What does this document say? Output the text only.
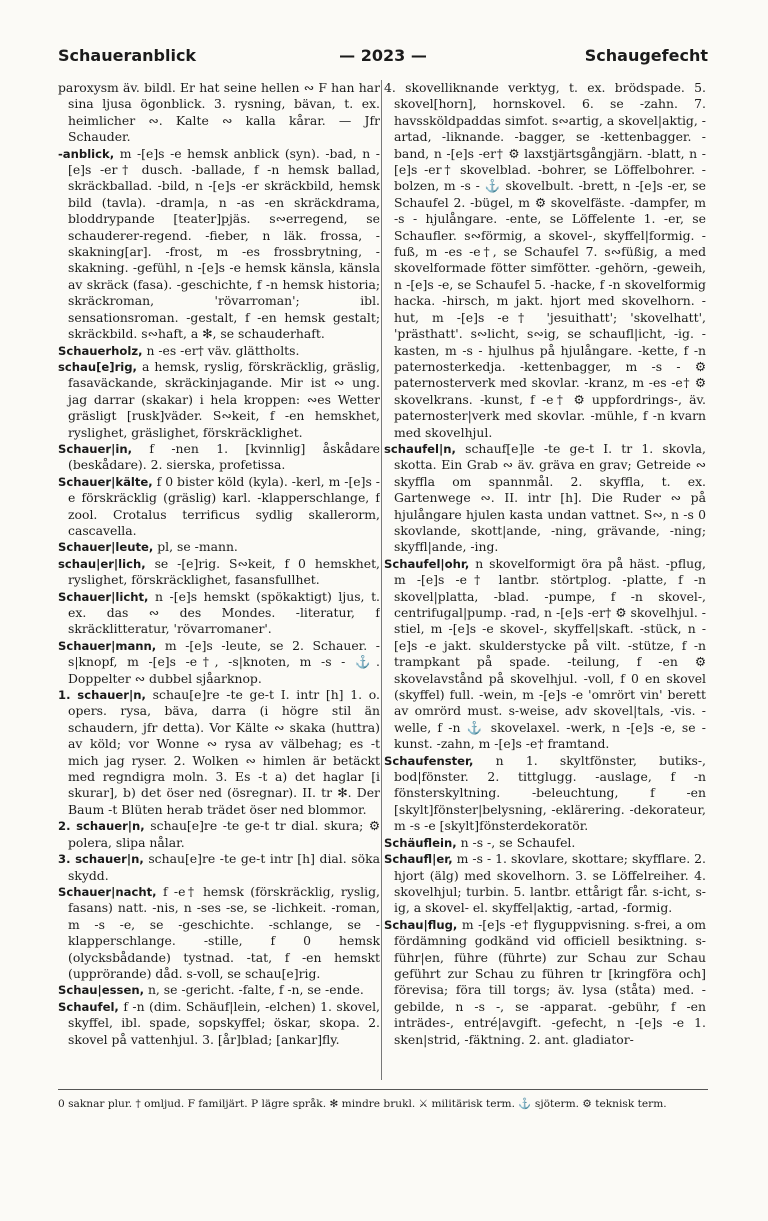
Schaueranblick	— 2023 —	Schaugefecht

paroxysm äv. bildl. Er hat seine hellen ∾ F han har sina ljusa ögonblick. 3. rysning, bävan, t. ex. heimlicher ∾. Kalte ∾ kalla kårar. — Jfr Schauder.

-anblick, m -[e]s -e hemsk anblick (syn). -bad, n -[e]s -er† dusch. -ballade, f -n hemsk ballad, skräckballad. -bild, n -[e]s -er skräckbild, hemsk bild (tavla). -dram|a, n -as -en skräckdrama, bloddrypande [teater]pjäs. s∾erregend, se schauderer-regend. -fieber, n läk. frossa, -skakning[ar]. -frost, m -es frossbrytning, -skakning. -gefühl, n -[e]s -e hemsk känsla, känsla av skräck (fasa). -geschichte, f -n hemsk historia; skräckroman, 'rövarroman'; ibl. sensationsroman. -gestalt, f -en hemsk gestalt; skräckbild. s∾haft, a ✻, se schauderhaft.

Schauerholz, n -es -er† väv. glättholts.

schau[e]rig, a hemsk, ryslig, förskräcklig, gräslig, fasaväckande, skräckinjagande. Mir ist ∾ ung. jag darrar (skakar) i hela kroppen: ∾es Wetter gräsligt [rusk]väder. S∾keit, f -en hemskhet, ryslighet, gräslighet, förskräcklighet.

Schauer|in, f -nen 1. [kvinnlig] åskådare (beskådare). 2. sierska, profetissa.

Schauer|kälte, f 0 bister köld (kyla). -kerl, m -[e]s -e förskräcklig (gräslig) karl. -klapperschlange, f zool. Crotalus terrificus sydlig skallerorm, cascavella.

Schauer|leute, pl, se -mann.

schau|er|lich, se -[e]rig. S∾keit, f 0 hemskhet, ryslighet, förskräcklighet, fasansfullhet.

Schauer|licht, n -[e]s hemskt (spökaktigt) ljus, t. ex. das ∾ des Mondes. -literatur, f skräcklitteratur, 'rövarromaner'.

Schauer|mann, m -[e]s -leute, se 2. Schauer. -s|knopf, m -[e]s -e†, -s|knoten, m -s - ⚓. Doppelter ∾ dubbel sjåarknop.

1. schauer|n, schau[e]re -te ge-t I. intr [h] 1. o. opers. rysa, bäva, darra (i högre stil än schaudern, jfr detta). Vor Kälte ∾ skaka (huttra) av köld; vor Wonne ∾ rysa av välbehag; es -t mich jag ryser. 2. Wolken ∾ himlen är betäckt med regndigra moln. 3. Es -t a) det haglar [i skurar], b) det öser ned (ösregnar). II. tr ✻. Der Baum -t Blüten herab trädet öser ned blommor.

2. schauer|n, schau[e]re -te ge-t tr dial. skura; ⚙ polera, slipa nålar.

3. schauer|n, schau[e]re -te ge-t intr [h] dial. söka skydd.

Schauer|nacht, f -e† hemsk (förskräcklig, ryslig, fasans) natt. -nis, n -ses -se, se -lichkeit. -roman, m -s -e, se -geschichte. -schlange, se -klapperschlange. -stille, f 0 hemsk (olycksbådande) tystnad. -tat, f -en hemskt (upprörande) dåd. s-voll, se schau[e]rig.

Schau|essen, n, se -gericht. -falte, f -n, se -ende.

Schaufel, f -n (dim. Schäuf|lein, -elchen) 1. skovel, skyffel, ibl. spade, sopskyffel; öskar, skopa. 2. skovel på vattenhjul. 3. [år]blad; [ankar]fly.

4. skovelliknande verktyg, t. ex. brödspade. 5. skovel[horn], hornskovel. 6. se -zahn. 7. havssköldpaddas simfot. s∾artig, a skovel|aktig, -artad, -liknande. -bagger, se -kettenbagger. -band, n -[e]s -er† ⚙ laxstjärtsgångjärn. -blatt, n -[e]s -er† skovelblad. -bohrer, se Löffelbohrer. -bolzen, m -s - ⚓ skovelbult. -brett, n -[e]s -er, se Schaufel 2. -bügel, m ⚙ skovelfäste. -dampfer, m -s - hjulångare. -ente, se Löffelente 1. -er, se Schaufler. s∾förmig, a skovel-, skyffel|formig. -fuß, m -es -e†, se Schaufel 7. s∾füßig, a med skovelformade fötter simfötter. -gehörn, -geweih, n -[e]s -e, se Schaufel 5. -hacke, f -n skovelformig hacka. -hirsch, m jakt. hjort med skovelhorn. -hut, m -[e]s -e† 'jesuithatt'; 'skovelhatt', 'prästhatt'. s∾licht, s∾ig, se schaufl|icht, -ig. -kasten, m -s - hjulhus på hjulångare. -kette, f -n paternosterkedja. -kettenbagger, m -s - ⚙ paternosterverk med skovlar. -kranz, m -es -e† ⚙ skovelkrans. -kunst, f -e† ⚙ uppfordrings-, äv. paternoster|verk med skovlar. -mühle, f -n kvarn med skovelhjul.

schaufel|n, schauf[e]le -te ge-t I. tr 1. skovla, skotta. Ein Grab ∾ äv. gräva en grav; Getreide ∾ skyffla om spannmål. 2. skyffla, t. ex. Gartenwege ∾. II. intr [h]. Die Ruder ∾ på hjulångare hjulen kasta undan vattnet. S∾, n -s 0 skovlande, skott|ande, -ning, grävande, -ning; skyffl|ande, -ing.

Schaufel|ohr, n skovelformigt öra på häst. -pflug, m -[e]s -e† lantbr. störtplog. -platte, f -n skovel|platta, -blad. -pumpe, f -n skovel-, centrifugal|pump. -rad, n -[e]s -er† ⚙ skovelhjul. -stiel, m -[e]s -e skovel-, skyffel|skaft. -stück, n -[e]s -e jakt. skulderstycke på vilt. -stütze, f -n trampkant på spade. -teilung, f -en ⚙ skovelavstånd på skovelhjul. -voll, f 0 en skovel (skyffel) full. -wein, m -[e]s -e 'omrört vin' berett av omrörd must. s-weise, adv skovel|tals, -vis. -welle, f -n ⚓ skovelaxel. -werk, n -[e]s -e, se -kunst. -zahn, m -[e]s -e† framtand.

Schaufenster, n 1. skyltfönster, butiks-, bod|fönster. 2. tittglugg. -auslage, f -n fönsterskyltning. -beleuchtung, f -en [skylt]fönster|belysning, -eklärering. -dekorateur, m -s -e [skylt]fönsterdekoratör.

Schäuflein, n -s -, se Schaufel.

Schaufl|er, m -s - 1. skovlare, skottare; skyfflare. 2. hjort (älg) med skovelhorn. 3. se Löffelreiher. 4. skovelhjul; turbin. 5. lantbr. ettårigt får. s-icht, s-ig, a skovel- el. skyffel|aktig, -artad, -formig.

Schau|flug, m -[e]s -e† flyguppvisning. s-frei, a om fördämning godkänd vid officiell besiktning. s-führ|en, führe (führte) zur Schau zur Schau geführt zur Schau zu führen tr [kringföra och] förevisa; föra till torgs; äv. lysa (ståta) med. -gebilde, n -s -, se -apparat. -gebühr, f -en inträdes-, entré|avgift. -gefecht, n -[e]s -e 1. sken|strid, -fäktning. 2. ant. gladiator-

0 saknar plur. † omljud. F familjärt. P lägre språk. ✻ mindre brukl. ⚔ militärisk term. ⚓ sjöterm. ⚙ teknisk term.
